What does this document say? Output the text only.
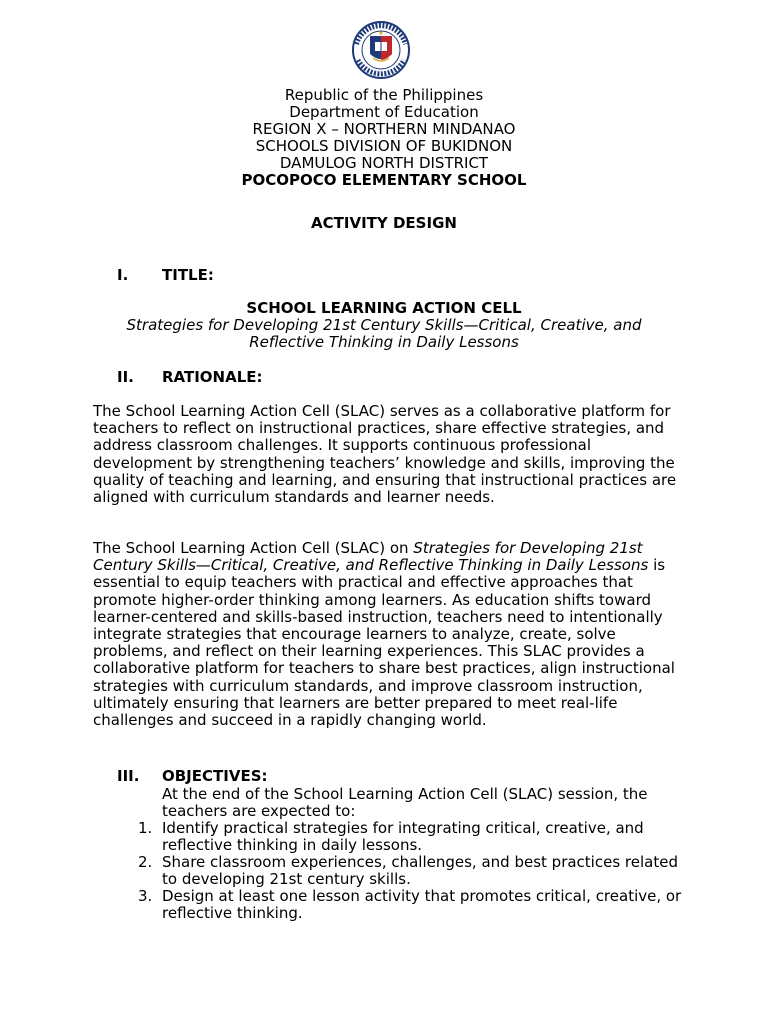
Republic of the Philippines

Department of Education

REGION X – NORTHERN MINDANAO

SCHOOLS DIVISION OF BUKIDNON

DAMULOG NORTH DISTRICT

POCOPOCO ELEMENTARY SCHOOL

ACTIVITY DESIGN
I. TITLE:
SCHOOL LEARNING ACTION CELL
Strategies for Developing 21st Century Skills—Critical, Creative, and
Reflective Thinking in Daily Lessons
II. RATIONALE:

The School Learning Action Cell (SLAC) serves as a collaborative platform for teachers to reflect on instructional practices, share effective strategies, and address classroom challenges. It supports continuous professional development by strengthening teachers’ knowledge and skills, improving the quality of teaching and learning, and ensuring that instructional practices are aligned with curriculum standards and learner needs.

The School Learning Action Cell (SLAC) on Strategies for Developing 21st Century Skills—Critical, Creative, and Reflective Thinking in Daily Lessons is essential to equip teachers with practical and effective approaches that promote higher-order thinking among learners. As education shifts toward learner-centered and skills-based instruction, teachers need to intentionally integrate strategies that encourage learners to analyze, create, solve problems, and reflect on their learning experiences. This SLAC provides a collaborative platform for teachers to share best practices, align instructional strategies with curriculum standards, and improve classroom instruction, ultimately ensuring that learners are better prepared to meet real-life challenges and succeed in a rapidly changing world.

III. OBJECTIVES:

At the end of the School Learning Action Cell (SLAC) session, the teachers are expected to:

1. Identify practical strategies for integrating critical, creative, and reflective thinking in daily lessons.
2. Share classroom experiences, challenges, and best practices related to developing 21st century skills.
3. Design at least one lesson activity that promotes critical, creative, or reflective thinking.
